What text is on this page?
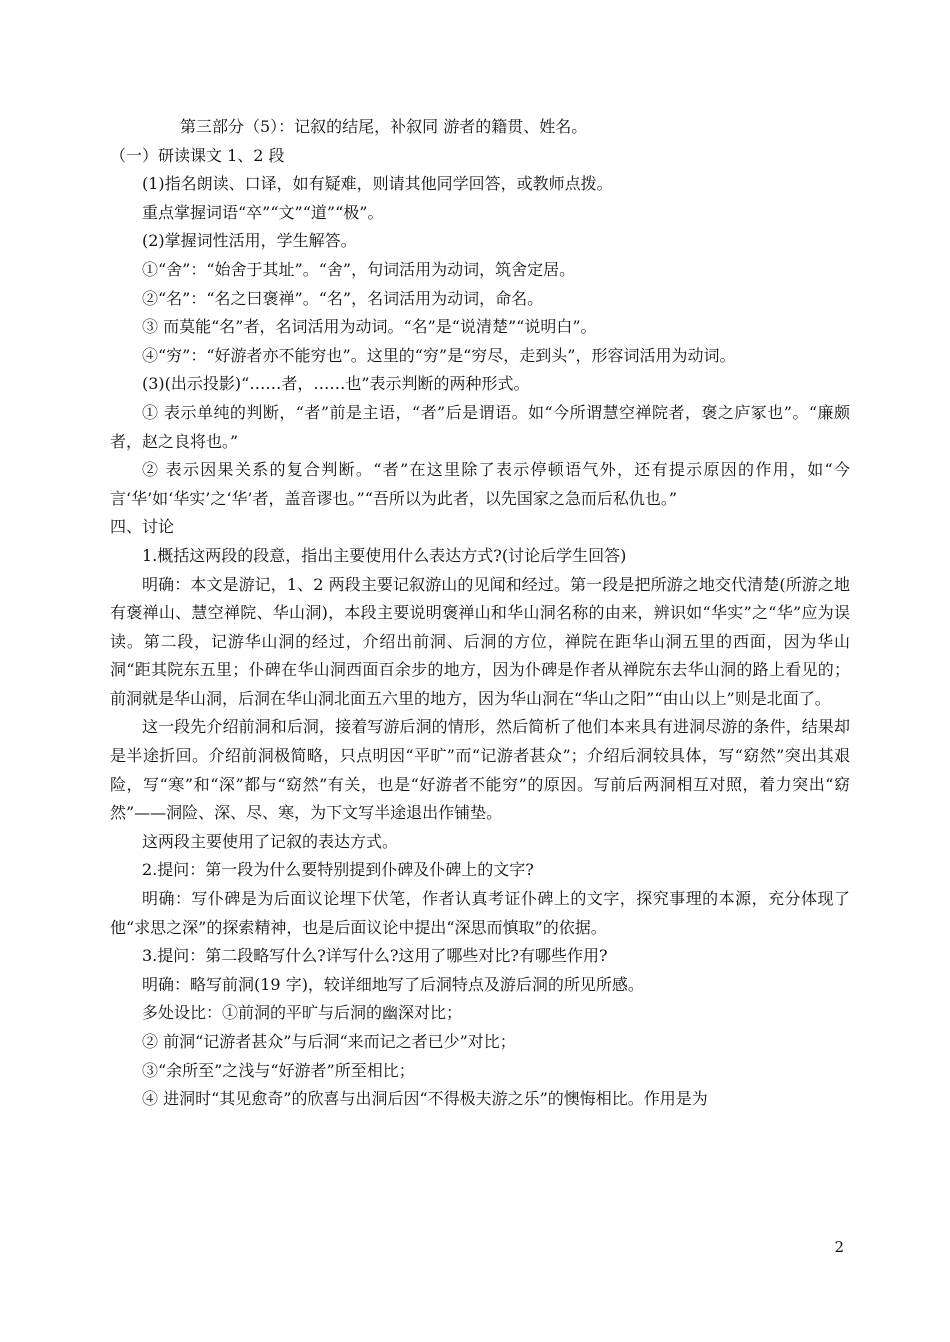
第三部分（5）：记叙的结尾，补叙同 游者的籍贯、姓名。

（一）研读课文 1、2 段

(1)指名朗读、口译，如有疑难，则请其他同学回答，或教师点拨。

重点掌握词语“卒”“文”“道”“极”。

(2)掌握词性活用，学生解答。

①“舍”：“始舍于其址”。“舍”，句词活用为动词，筑舍定居。

②“名”：“名之曰褒禅”。“名”，名词活用为动词，命名。

③ 而莫能“名”者，名词活用为动词。“名”是“说清楚”“说明白”。

④“穷”：“好游者亦不能穷也”。这里的“穷”是“穷尽，走到头”，形容词活用为动词。

(3)(出示投影)“……者，……也”表示判断的两种形式。

① 表示单纯的判断，“者”前是主语，“者”后是谓语。如“今所谓慧空禅院者，褒之庐冢也”。“廉颇者，赵之良将也。”

② 表示因果关系的复合判断。“者”在这里除了表示停顿语气外，还有提示原因的作用，如“今言‘华’如‘华实’之‘华’者，盖音谬也。”“吾所以为此者，以先国家之急而后私仇也。”

四、讨论

1.概括这两段的段意，指出主要使用什么表达方式?(讨论后学生回答)

明确：本文是游记，1、2 两段主要记叙游山的见闻和经过。第一段是把所游之地交代清楚(所游之地有褒禅山、慧空禅院、华山洞)，本段主要说明褒禅山和华山洞名称的由来，辨识如“华实”之“华”应为误读。第二段，记游华山洞的经过，介绍出前洞、后洞的方位，禅院在距华山洞五里的西面，因为华山洞“距其院东五里；仆碑在华山洞西面百余步的地方，因为仆碑是作者从禅院东去华山洞的路上看见的；前洞就是华山洞，后洞在华山洞北面五六里的地方，因为华山洞在“华山之阳”“由山以上”则是北面了。

这一段先介绍前洞和后洞，接着写游后洞的情形，然后简析了他们本来具有进洞尽游的条件，结果却是半途折回。介绍前洞极简略，只点明因“平旷”而“记游者甚众”；介绍后洞较具体，写“窈然”突出其艰险，写“寒”和“深”都与“窈然”有关，也是“好游者不能穷”的原因。写前后两洞相互对照，着力突出“窈然”——洞险、深、尽、寒，为下文写半途退出作铺垫。

这两段主要使用了记叙的表达方式。

2.提问：第一段为什么要特别提到仆碑及仆碑上的文字?

明确：写仆碑是为后面议论埋下伏笔，作者认真考证仆碑上的文字，探究事理的本源，充分体现了他“求思之深”的探索精神，也是后面议论中提出“深思而慎取”的依据。

3.提问：第二段略写什么?详写什么?这用了哪些对比?有哪些作用?

明确：略写前洞(19 字)，较详细地写了后洞特点及游后洞的所见所感。

多处设比：①前洞的平旷与后洞的幽深对比；

② 前洞“记游者甚众”与后洞“来而记之者已少”对比；

③“余所至”之浅与“好游者”所至相比；

④ 进洞时“其见愈奇”的欣喜与出洞后因“不得极夫游之乐”的懊悔相比。作用是为

2
